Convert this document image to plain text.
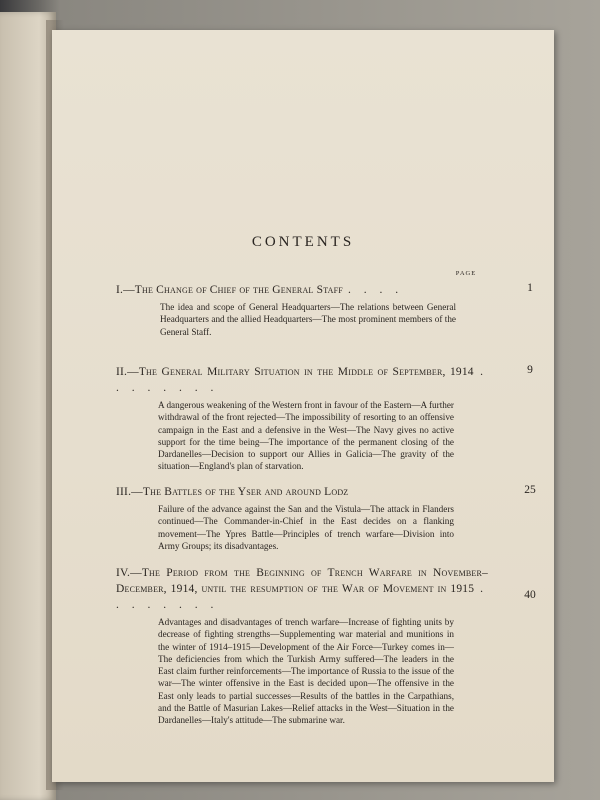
CONTENTS
PAGE
I.—The Change of Chief of the General Staff . . . .	1
The idea and scope of General Headquarters—The relations between General Headquarters and the allied Headquarters—The most prominent members of the General Staff.
II.—The General Military Situation in the Middle of September, 1914 . . . . . . . .
9
A dangerous weakening of the Western front in favour of the Eastern—A further withdrawal of the front rejected—The impossibility of resorting to an offensive campaign in the East and a defensive in the West—The Navy gives no active support for the time being—The importance of the permanent closing of the Dardanelles—Decision to support our Allies in Galicia—The gravity of the situation—England's plan of starvation.
III.—The Battles of the Yser and around Lodz	25
Failure of the advance against the San and the Vistula—The attack in Flanders continued—The Commander-in-Chief in the East decides on a flanking movement—The Ypres Battle—Principles of trench warfare—Division into Army Groups; its disadvantages.
IV.—The Period from the Beginning of Trench Warfare in November–December, 1914, until the resumption of the War of Movement in 1915 . . . . . . . .
40
Advantages and disadvantages of trench warfare—Increase of fighting units by decrease of fighting strengths—Supplementing war material and munitions in the winter of 1914–1915—Development of the Air Force—Turkey comes in—The deficiencies from which the Turkish Army suffered—The leaders in the East claim further reinforcements—The importance of Russia to the issue of the war—The winter offensive in the East is decided upon—The offensive in the East only leads to partial successes—Results of the battles in the Carpathians, and the Battle of Masurian Lakes—Relief attacks in the West—Situation in the Dardanelles—Italy's attitude—The submarine war.
